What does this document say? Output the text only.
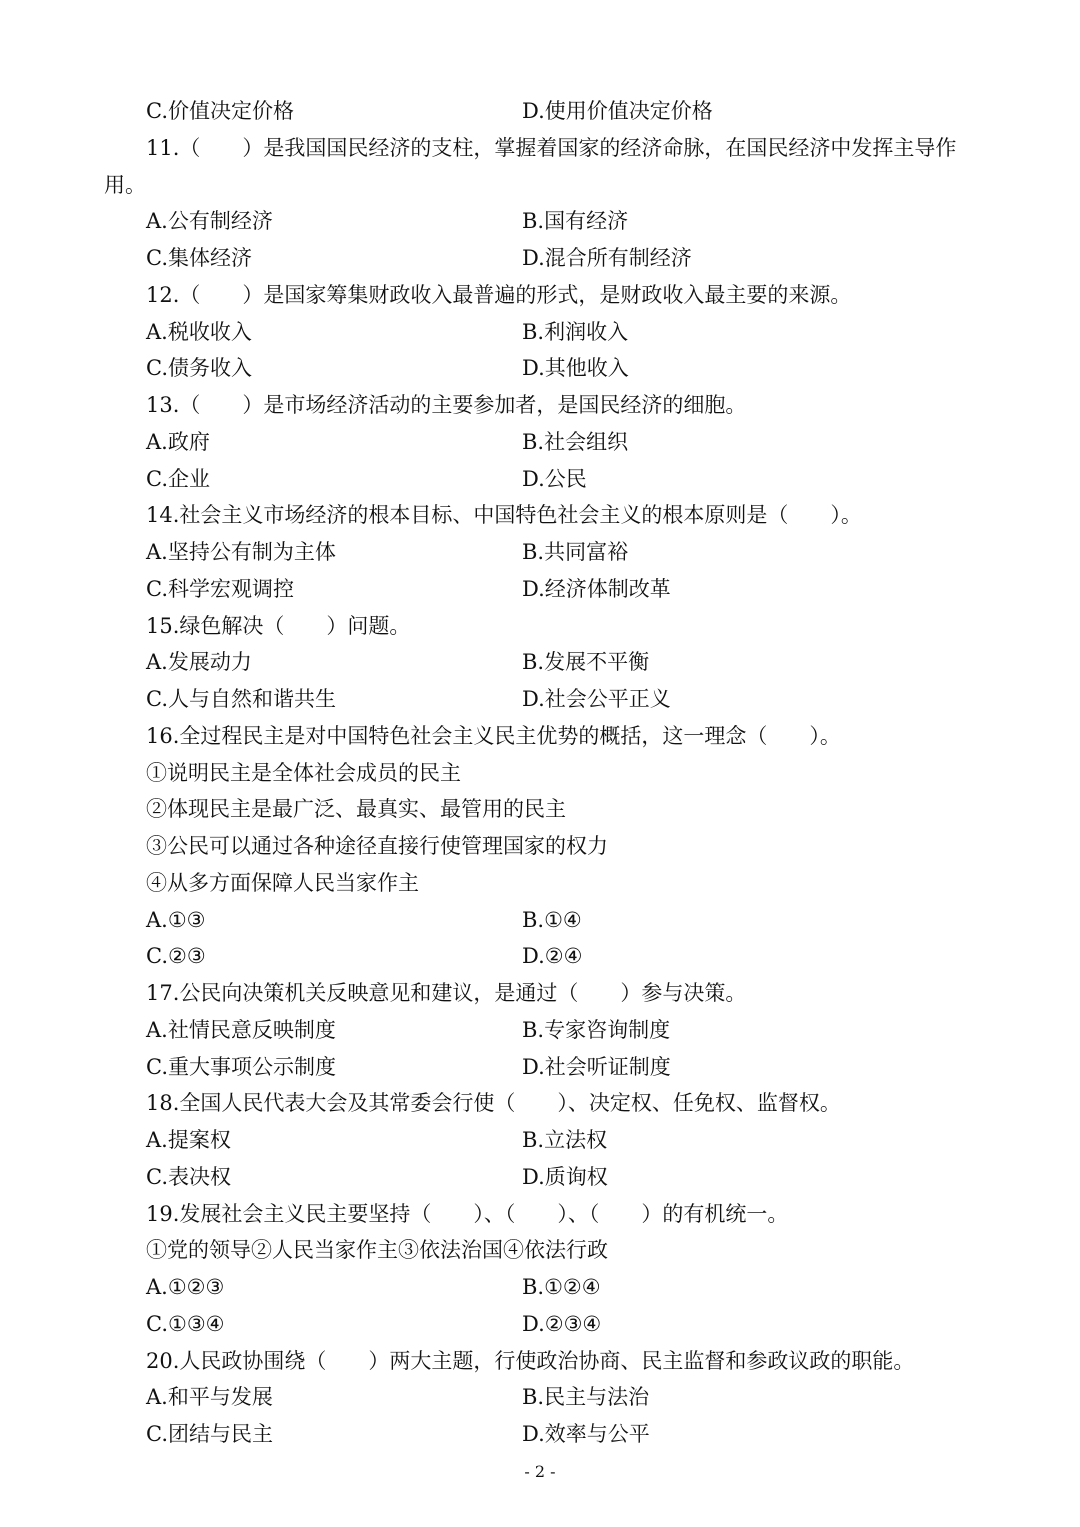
C.价值决定价格	D.使用价值决定价格
11.（　　）是我国国民经济的支柱，掌握着国家的经济命脉，在国民经济中发挥主导作
用。
A.公有制经济	B.国有经济
C.集体经济	D.混合所有制经济
12.（　　）是国家筹集财政收入最普遍的形式，是财政收入最主要的来源。
A.税收收入	B.利润收入
C.债务收入	D.其他收入
13.（　　）是市场经济活动的主要参加者，是国民经济的细胞。
A.政府	B.社会组织
C.企业	D.公民
14.社会主义市场经济的根本目标、中国特色社会主义的根本原则是（　　）。
A.坚持公有制为主体	B.共同富裕
C.科学宏观调控	D.经济体制改革
15.绿色解决（　　）问题。
A.发展动力	B.发展不平衡
C.人与自然和谐共生	D.社会公平正义
16.全过程民主是对中国特色社会主义民主优势的概括，这一理念（　　）。
①说明民主是全体社会成员的民主
②体现民主是最广泛、最真实、最管用的民主
③公民可以通过各种途径直接行使管理国家的权力
④从多方面保障人民当家作主
A.①③	B.①④
C.②③	D.②④
17.公民向决策机关反映意见和建议，是通过（　　）参与决策。
A.社情民意反映制度	B.专家咨询制度
C.重大事项公示制度	D.社会听证制度
18.全国人民代表大会及其常委会行使（　　）、决定权、任免权、监督权。
A.提案权	B.立法权
C.表决权	D.质询权
19.发展社会主义民主要坚持（　　）、（　　）、（　　）的有机统一。
①党的领导②人民当家作主③依法治国④依法行政
A.①②③	B.①②④
C.①③④	D.②③④
20.人民政协围绕（　　）两大主题，行使政治协商、民主监督和参政议政的职能。
A.和平与发展	B.民主与法治
C.团结与民主	D.效率与公平
- 2 -
